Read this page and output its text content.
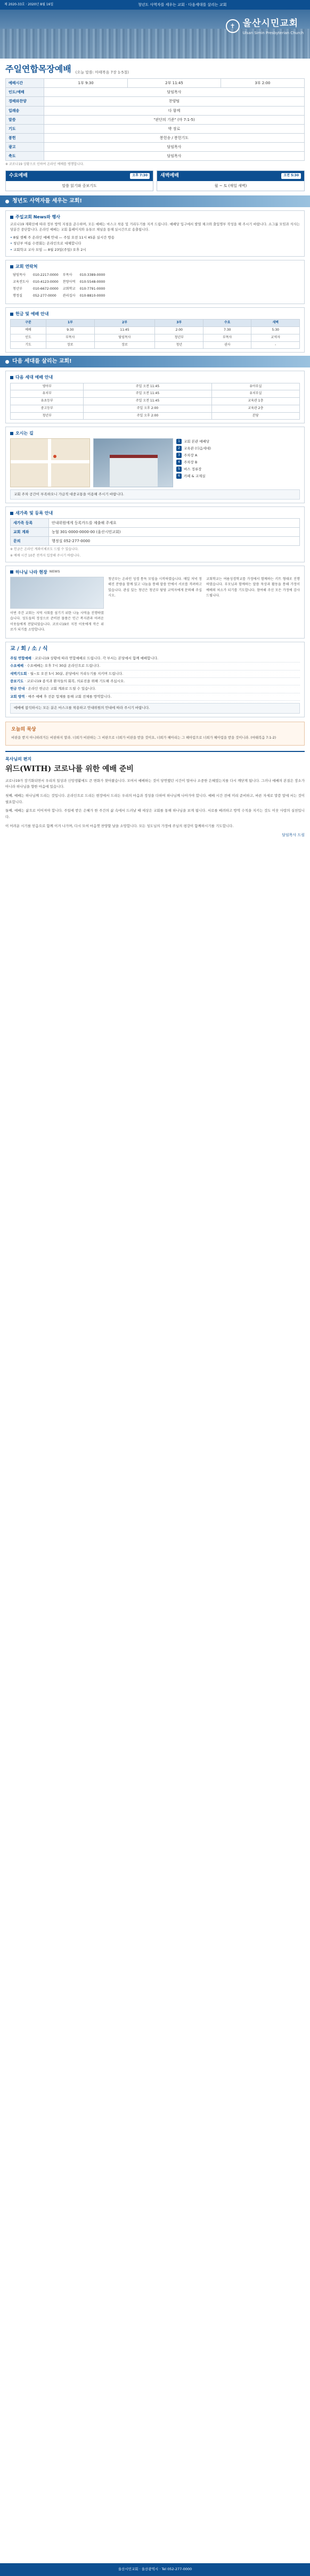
제 2020-33호 · 2020년 8월 16일	청년도 사역자를 세우는 교회 · 다음세대를 살리는 교회
✝ 울산시민교회
Ulsan Simin Presbyterian Church
주일연합목장예배 (오늘 말씀: 마태복음 7장 1-5절)
예배시간	1부 9:30	2부 11:45	3부 2:00
인도/예배	담임목사		
경배와찬양	찬양팀		
입례송	다 함께		
말씀	"판단의 기준" (마 7:1-5)		
기도	박 장로		
봉헌	봉헌송 / 봉헌기도		
광고	담임목사		
축도	담임목사		
※ 코로나19 상황으로 인하여 온라인 예배를 병행합니다.
수요예배	오후 7:30
말씀 읽기와 중보기도
새벽예배	오전 5:30
월 ~ 토 (매일 새벽)
청년도 사역자를 세우는 교회!
주일교회 News와 행사
코로나19 재확산에 따라 정부 방역 지침을 준수하며, 모든 예배는 마스크 착용 및 거리두기를 지켜 드립니다. 예배당 입구에서 발열 체크와 출입명부 작성을 해 주시기 바랍니다. 소그룹 모임과 식사는 당분간 중단합니다. 온라인 예배는 교회 홈페이지와 유튜브 채널을 통해 실시간으로 송출됩니다.
• 8월 셋째 주 온라인 예배 안내 — 주일 오전 11시 45분 실시간 방송
• 청년부 여름 수련회는 온라인으로 대체합니다
• 교회학교 교사 모임 — 8월 23일(주일) 오후 2시
교회 연락처
담임목사	010-2217-0000	부목사	010-3389-0000
교육전도사	010-4123-0000	찬양사역	010-5548-0000
청년부	010-6672-0000	교회학교	010-7791-0000
행정실	052-277-0000	관리집사	010-8810-0000
헌금 및 예배 안내
구분	1부	2부	3부	수요	새벽
예배	9:30	11:45	2:00	7:30	5:30
인도	부목사	담임목사	청년부	부목사	교역자
기도	장로	장로	청년	권사	-
다음 세대를 살리는 교회!
다음 세대 예배 안내
영아부	주일 오전 11:45	유아부실
유치부	주일 오전 11:45	유치부실
유초등부	주일 오전 11:45	교육관 1층
중고등부	주일 오후 2:00	교육관 2층
청년부	주일 오후 2:00	본당
오시는 길
1	교회 본관 예배당
2	교육관 (다음세대)
3	주차장 A
4	주차장 B
5	버스 정류장
6	카페 & 교제실
교회 주차 공간이 부족하오니 가급적 대중교통을 이용해 주시기 바랍니다.
새가족 및 등록 안내
새가족 등록	안내위원에게 등록카드를 제출해 주세요
교회 계좌	농협 301-0000-0000-00 (울산시민교회)
문의	행정실 052-277-0000
※ 헌금은 온라인 계좌이체로도 드릴 수 있습니다.
※ 예배 시간 10분 전까지 입장해 주시기 바랍니다.
하나님 나라 현장 NEWS

이번 주간 교회는 지역 사회를 섬기기 위한 나눔 사역을 진행하였습니다. 성도들의 정성으로 준비된 물품은 인근 복지관과 어려운 이웃들에게 전달되었습니다. 코로나19로 지친 이웃에게 작은 위로가 되기를 소망합니다.

청년부는 온라인 성경 통독 모임을 시작하였습니다. 매일 저녁 정해진 분량을 함께 읽고 나눔을 통해 말씀 안에서 서로를 격려하고 있습니다. 관심 있는 청년은 청년부 담당 교역자에게 문의해 주십시오.

교회학교는 여름성경학교를 가정에서 함께하는 키트 형태로 진행하였습니다. 부모님과 함께하는 말씀 묵상과 활동을 통해 가정이 예배의 처소가 되기를 기도합니다. 참여해 주신 모든 가정에 감사드립니다.

교 / 회 / 소 / 식
주일 연합예배 · 코로나19 상황에 따라 연합예배로 드립니다. 각 부서는 본당에서 함께 예배합니다.
수요예배 · 수요예배는 오후 7시 30분 온라인으로 드립니다.
새벽기도회 · 월~토 오전 5시 30분, 본당에서 거리두기를 지키며 드립니다.
중보기도 · 코로나19 종식과 환자들의 회복, 의료진을 위해 기도해 주십시오.
헌금 안내 · 온라인 헌금은 교회 계좌로 드릴 수 있습니다.
교회 방역 · 매주 예배 후 전문 업체를 통해 교회 전체를 방역합니다.
예배에 참석하시는 모든 분은 마스크를 착용하고 안내위원의 안내에 따라 주시기 바랍니다.
오늘의 묵상
비판을 받지 아니하려거든 비판하지 말라. 너희가 비판하는 그 비판으로 너희가 비판을 받을 것이요, 너희가 헤아리는 그 헤아림으로 너희가 헤아림을 받을 것이니라. (마태복음 7:1-2)
목사님의 편지
위드(WITH) 코로나를 위한 예배 준비

코로나19가 장기화되면서 우리의 일상과 신앙생활에도 큰 변화가 찾아왔습니다. 모여서 예배하는 것이 당연했던 시간이 얼마나 소중한 은혜였는지를 다시 깨닫게 됩니다. 그러나 예배의 본질은 장소가 아니라 하나님을 향한 마음에 있습니다.

첫째, 예배는 하나님께 드리는 것입니다. 온라인으로 드리든 현장에서 드리든 우리의 마음과 정성을 다하여 하나님께 나아가야 합니다. 예배 시간 전에 미리 준비하고, 바른 자세로 말씀 앞에 서는 것이 필요합니다.

둘째, 예배는 삶으로 이어져야 합니다. 주일에 받은 은혜가 한 주간의 삶 속에서 드러날 때 세상은 교회를 통해 하나님을 보게 됩니다. 서로를 배려하고 방역 수칙을 지키는 것도 이웃 사랑의 실천입니다.

이 어려운 시기를 믿음으로 함께 이겨 나가며, 다시 모여 마음껏 찬양할 날을 소망합니다. 모든 성도님의 가정에 주님의 평강이 함께하시기를 기도합니다.

담임목사 드림
울산시민교회 · 울산광역시 · Tel 052-277-0000
